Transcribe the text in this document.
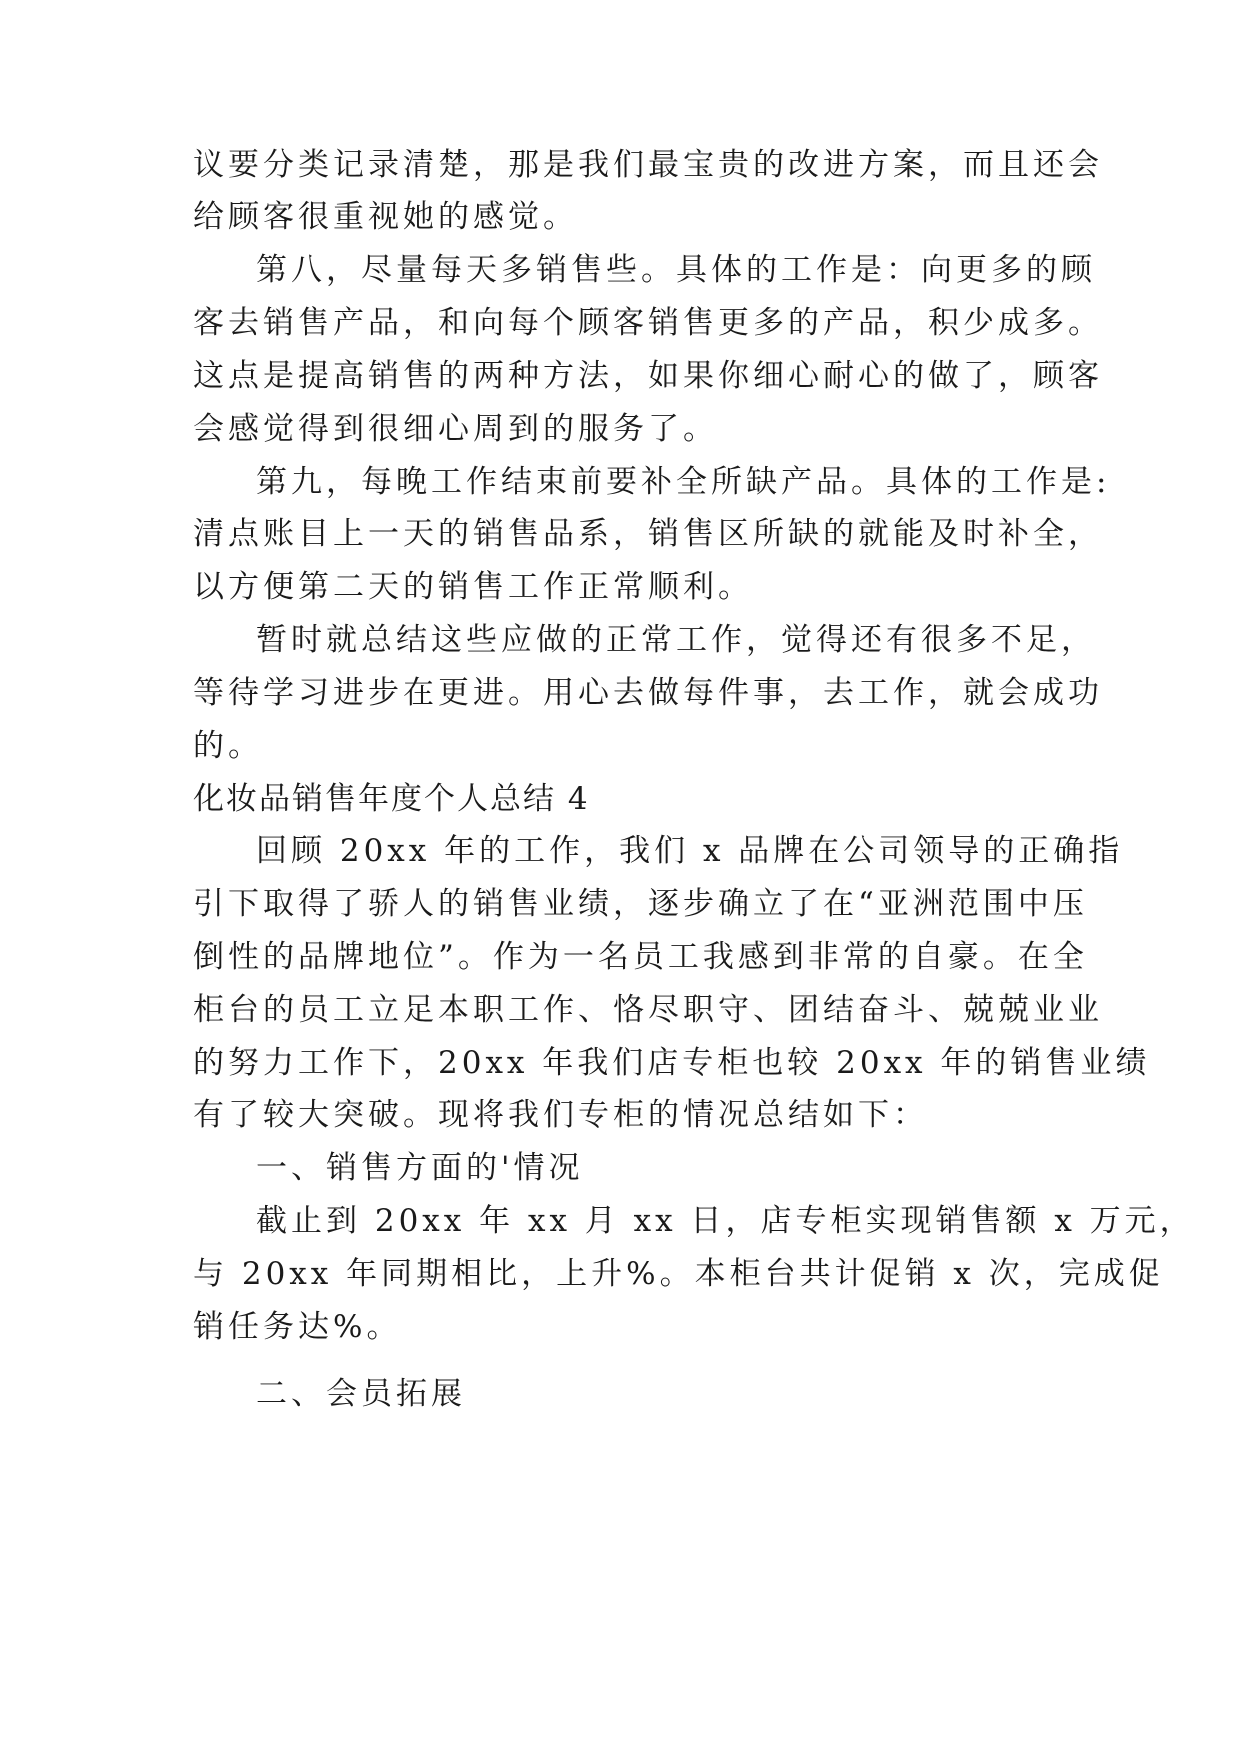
议要分类记录清楚，那是我们最宝贵的改进方案，而且还会
给顾客很重视她的感觉。
第八，尽量每天多销售些。具体的工作是：向更多的顾
客去销售产品，和向每个顾客销售更多的产品，积少成多。
这点是提高销售的两种方法，如果你细心耐心的做了，顾客
会感觉得到很细心周到的服务了。
第九，每晚工作结束前要补全所缺产品。具体的工作是:
清点账目上一天的销售品系，销售区所缺的就能及时补全，
以方便第二天的销售工作正常顺利。
暂时就总结这些应做的正常工作，觉得还有很多不足，
等待学习进步在更进。用心去做每件事，去工作，就会成功
的。
化妆品销售年度个人总结 4
回顾 20xx 年的工作，我们 x 品牌在公司领导的正确指
引下取得了骄人的销售业绩，逐步确立了在“亚洲范围中压
倒性的品牌地位”。作为一名员工我感到非常的自豪。在全
柜台的员工立足本职工作、恪尽职守、团结奋斗、兢兢业业
的努力工作下，20xx 年我们店专柜也较 20xx 年的销售业绩
有了较大突破。现将我们专柜的情况总结如下：
一、销售方面的'情况
截止到 20xx 年 xx 月 xx 日，店专柜实现销售额 x 万元，
与 20xx 年同期相比，上升%。本柜台共计促销 x 次，完成促
销任务达%。
二、会员拓展
